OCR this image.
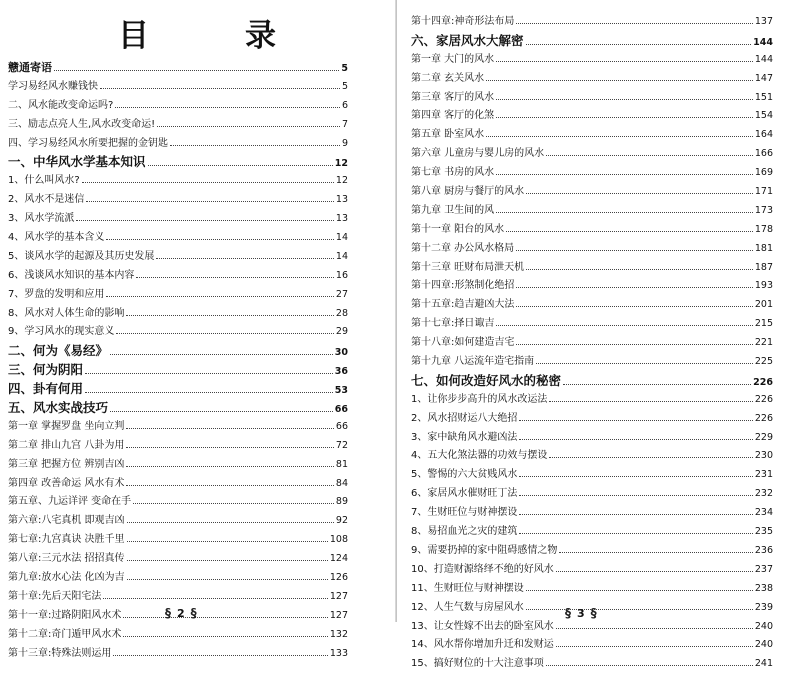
目	录
戆通寄语	5
学习易经风水赚钱快	5
二、风水能改变命运吗?	6
三、励志点亮人生,风水改变命运!	7
四、学习易经风水所要把握的金钥匙	9
一、中华风水学基本知识	12
1、什么叫风水?	12
2、风水不是迷信	13
3、风水学流派	13
4、风水学的基本含义	14
5、谈风水学的起源及其历史发展	14
6、浅谈风水知识的基本内容	16
7、罗盘的发明和应用	27
8、风水对人体生命的影响	28
9、学习风水的现实意义	29
二、何为《易经》	30
三、何为阴阳	36
四、卦有何用	53
五、风水实战技巧	66
第一章 掌握罗盘 坐向立判	66
第二章 排山九宫 八卦为用	72
第三章 把握方位 辨别吉凶	81
第四章 改善命运 风水有术	84
第五章、九运详评 变命在手	89
第六章:八宅真机 即观吉凶	92
第七章:九宫真诀 决胜千里	108
第八章:三元水法 招招真传	124
第九章:放水心法 化凶为吉	126
第十章:先后天阳宅法	127
第十一章:过路阴阳风水术	127
第十二章:奇门遁甲风水术	132
第十三章:特殊法则运用	133
§ 2 §
第十四章:神奇形法布局	137
六、家居风水大解密	144
第一章 大门的风水	144
第二章 玄关风水	147
第三章 客厅的风水	151
第四章 客厅的化煞	154
第五章 卧室风水	164
第六章 儿童房与婴儿房的风水	166
第七章 书房的风水	169
第八章 厨房与餐厅的风水	171
第九章 卫生间的风	173
第十一章 阳台的风水	178
第十二章 办公风水格局	181
第十三章 旺财布局泄天机	187
第十四章:形煞制化绝招	193
第十五章:趋吉避凶大法	201
第十七章:择日诹吉	215
第十八章:如何建造吉宅	221
第十九章 八运流年造宅指南	225
七、如何改造好风水的秘密	226
1、让你步步高升的风水改运法	226
2、风水招财运八大绝招	226
3、家中缺角风水避凶法	229
4、五大化煞法器的功效与摆设	230
5、警惕的六大贫贱风水	231
6、家居风水催财旺丁法	232
7、生财旺位与财神摆设	234
8、易招血光之灾的建筑	235
9、需要扔掉的家中阻碍感情之物	236
10、打造财源络绎不绝的好风水	237
11、生财旺位与财神摆设	238
12、人生气数与房屋风水	239
13、让女性嫁不出去的卧室风水	240
14、风水帮你增加升迁和发财运	240
15、搞好财位的十大注意事项	241
§ 3 §
